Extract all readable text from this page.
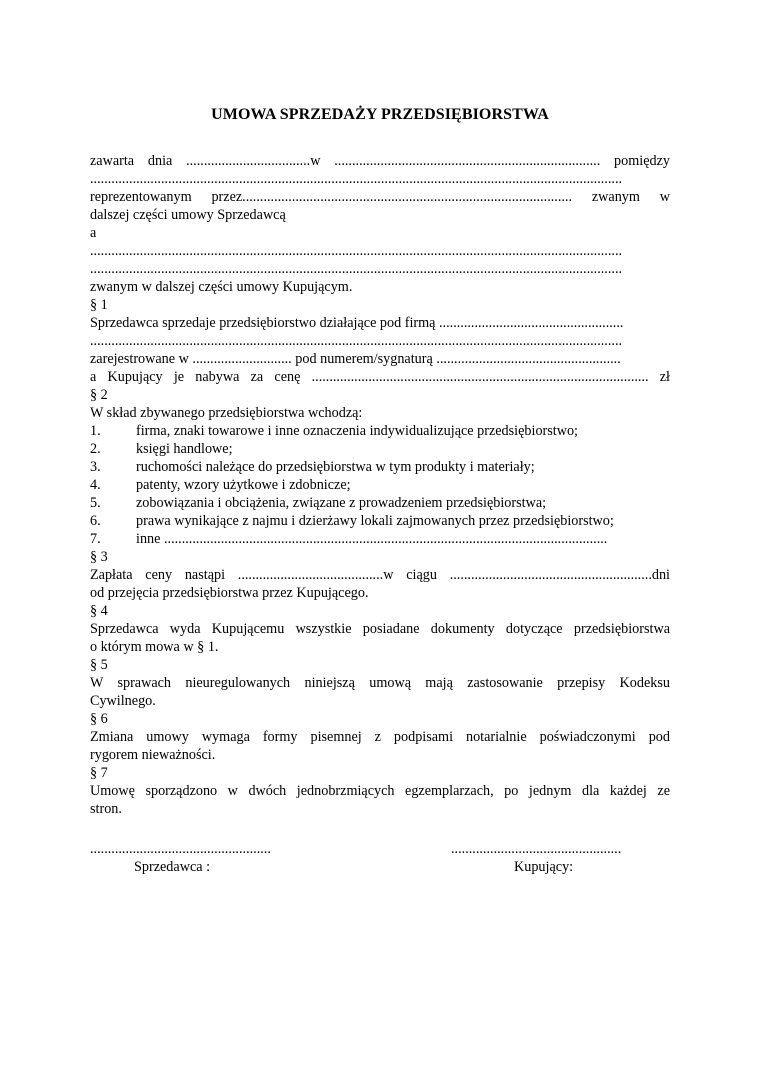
UMOWA SPRZEDAŻY PRZEDSIĘBIORSTWA
zawarta dnia ...................................w ........................................................................... pomiędzy
......................................................................................................................................................
reprezentowanym przez............................................................................................. zwanym w
dalszej części umowy Sprzedawcą
a
......................................................................................................................................................
......................................................................................................................................................
zwanym w dalszej części umowy Kupującym.
§ 1
Sprzedawca sprzedaje przedsiębiorstwo działające pod firmą ....................................................
......................................................................................................................................................
zarejestrowane w ............................ pod numerem/sygnaturą ....................................................
a Kupujący je nabywa za cenę ............................................................................................... zł
§ 2
W skład zbywanego przedsiębiorstwa wchodzą:
1. firma, znaki towarowe i inne oznaczenia indywidualizujące przedsiębiorstwo;
2. księgi handlowe;
3. ruchomości należące do przedsiębiorstwa w tym produkty i materiały;
4. patenty, wzory użytkowe i zdobnicze;
5. zobowiązania i obciążenia, związane z prowadzeniem przedsiębiorstwa;
6. prawa wynikające z najmu i dzierżawy lokali zajmowanych przez przedsiębiorstwo;
7. inne .............................................................................................................................
§ 3
Zapłata ceny nastąpi .........................................w ciągu .........................................................dni
od przejęcia przedsiębiorstwa przez Kupującego.
§ 4
Sprzedawca wyda Kupującemu wszystkie posiadane dokumenty dotyczące przedsiębiorstwa
o którym mowa w § 1.
§ 5
W sprawach nieuregulowanych niniejszą umową mają zastosowanie przepisy Kodeksu
Cywilnego.
§ 6
Zmiana umowy wymaga formy pisemnej z podpisami notarialnie poświadczonymi pod
rygorem nieważności.
§ 7
Umowę sporządzono w dwóch jednobrzmiących egzemplarzach, po jednym dla każdej ze
stron.
...................................................
Sprzedawca :
................................................
Kupujący:
